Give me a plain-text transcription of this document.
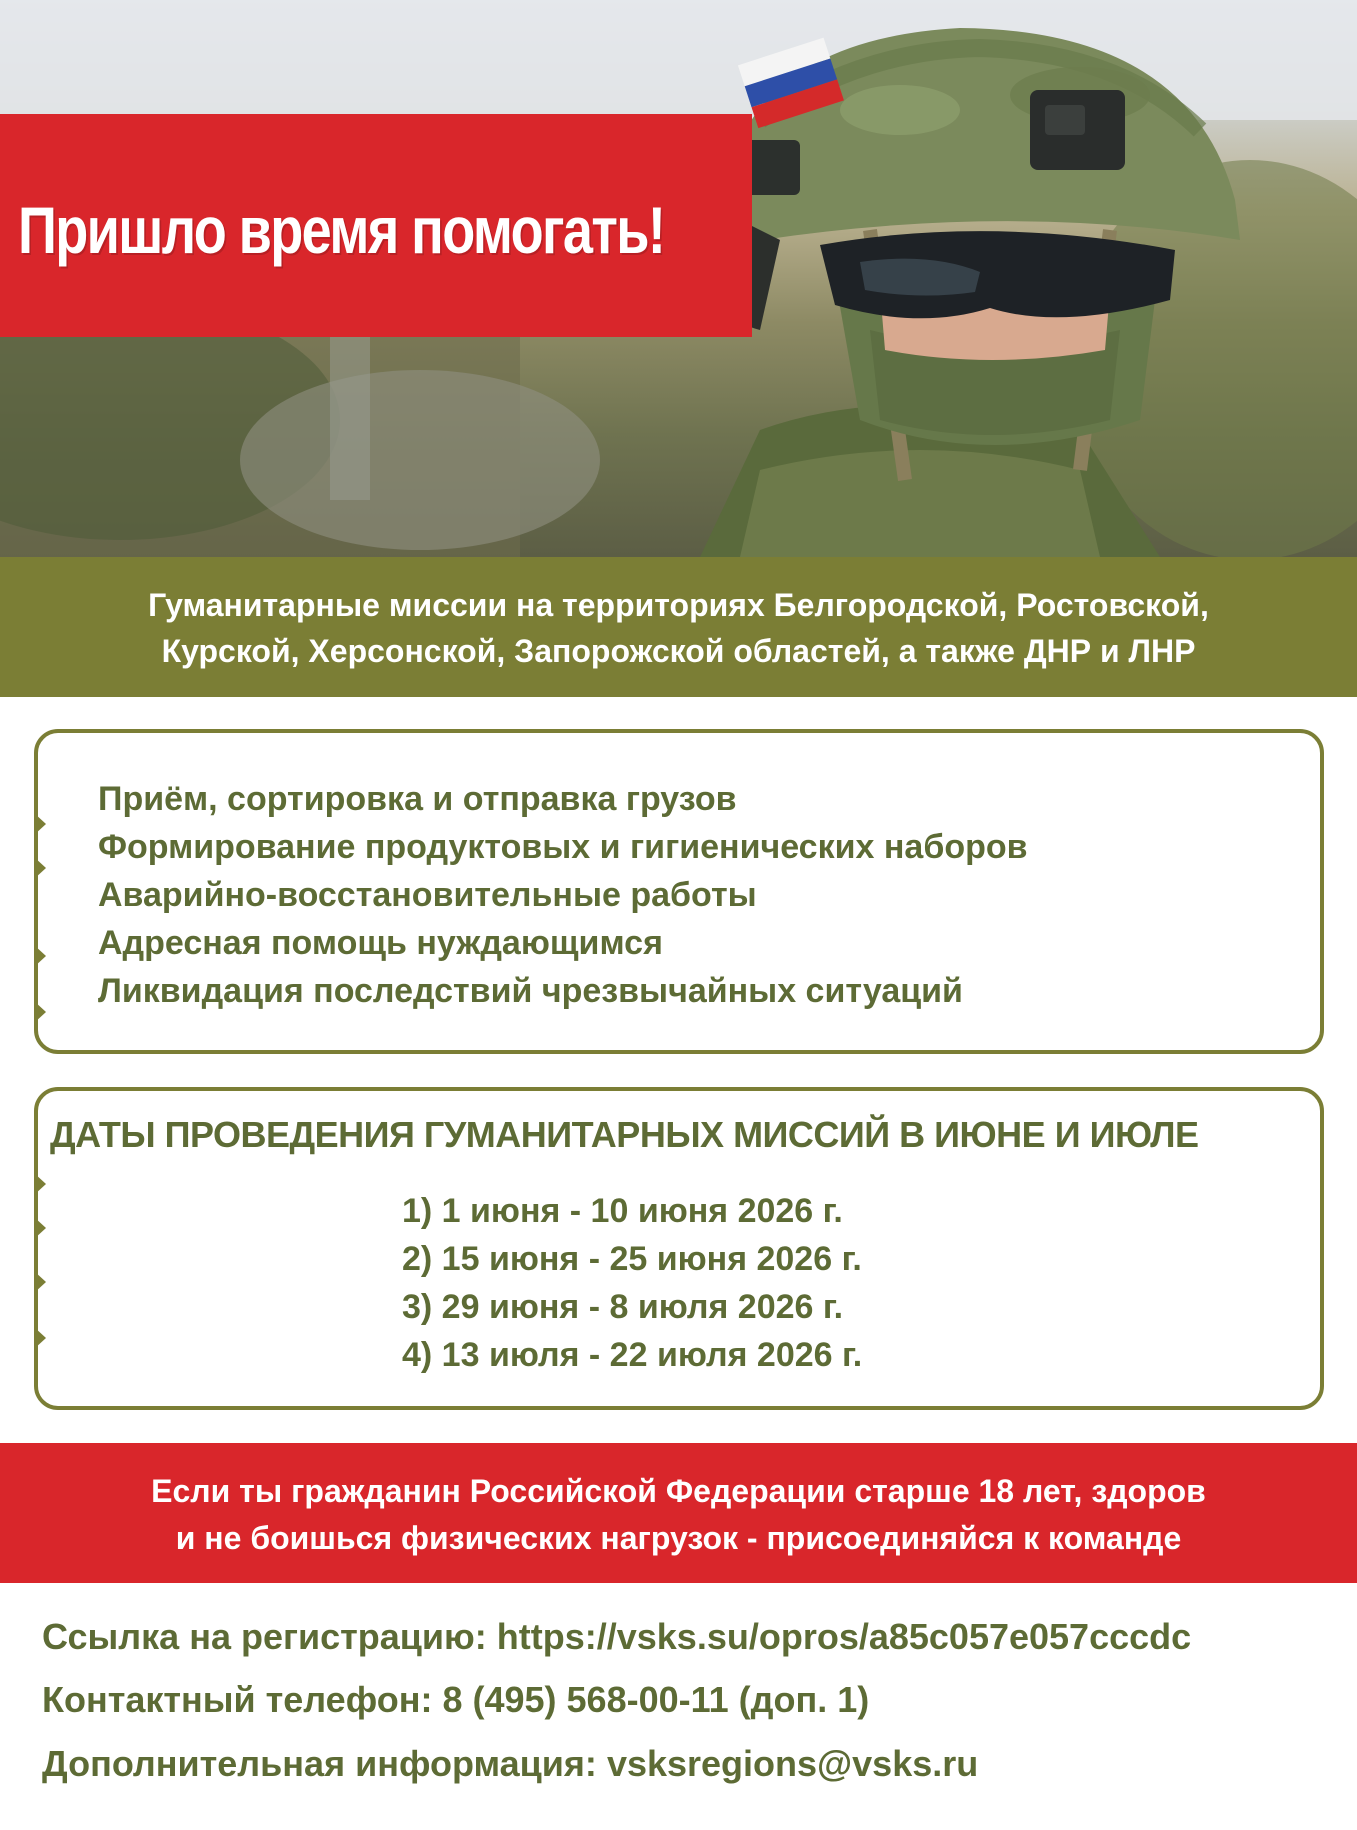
Пришло время помогать!
Гуманитарные миссии на территориях Белгородской, Ростовской,
Курской, Херсонской, Запорожской областей, а также ДНР и ЛНР
Приём, сортировка и отправка грузов
Формирование продуктовых и гигиенических наборов
Аварийно-восстановительные работы
Адресная помощь нуждающимся
Ликвидация последствий чрезвычайных ситуаций
ДАТЫ ПРОВЕДЕНИЯ ГУМАНИТАРНЫХ МИССИЙ В ИЮНЕ И ИЮЛЕ
1) 1 июня - 10 июня 2026 г.
2) 15 июня - 25 июня 2026 г.
3) 29 июня - 8 июля 2026 г.
4) 13 июля - 22 июля 2026 г.
Если ты гражданин Российской Федерации старше 18 лет, здоров
и не боишься физических нагрузок - присоединяйся к команде
Ссылка на регистрацию: https://vsks.su/opros/a85c057e057cccdc
Контактный телефон: 8 (495) 568-00-11 (доп. 1)
Дополнительная информация: vsksregions@vsks.ru
